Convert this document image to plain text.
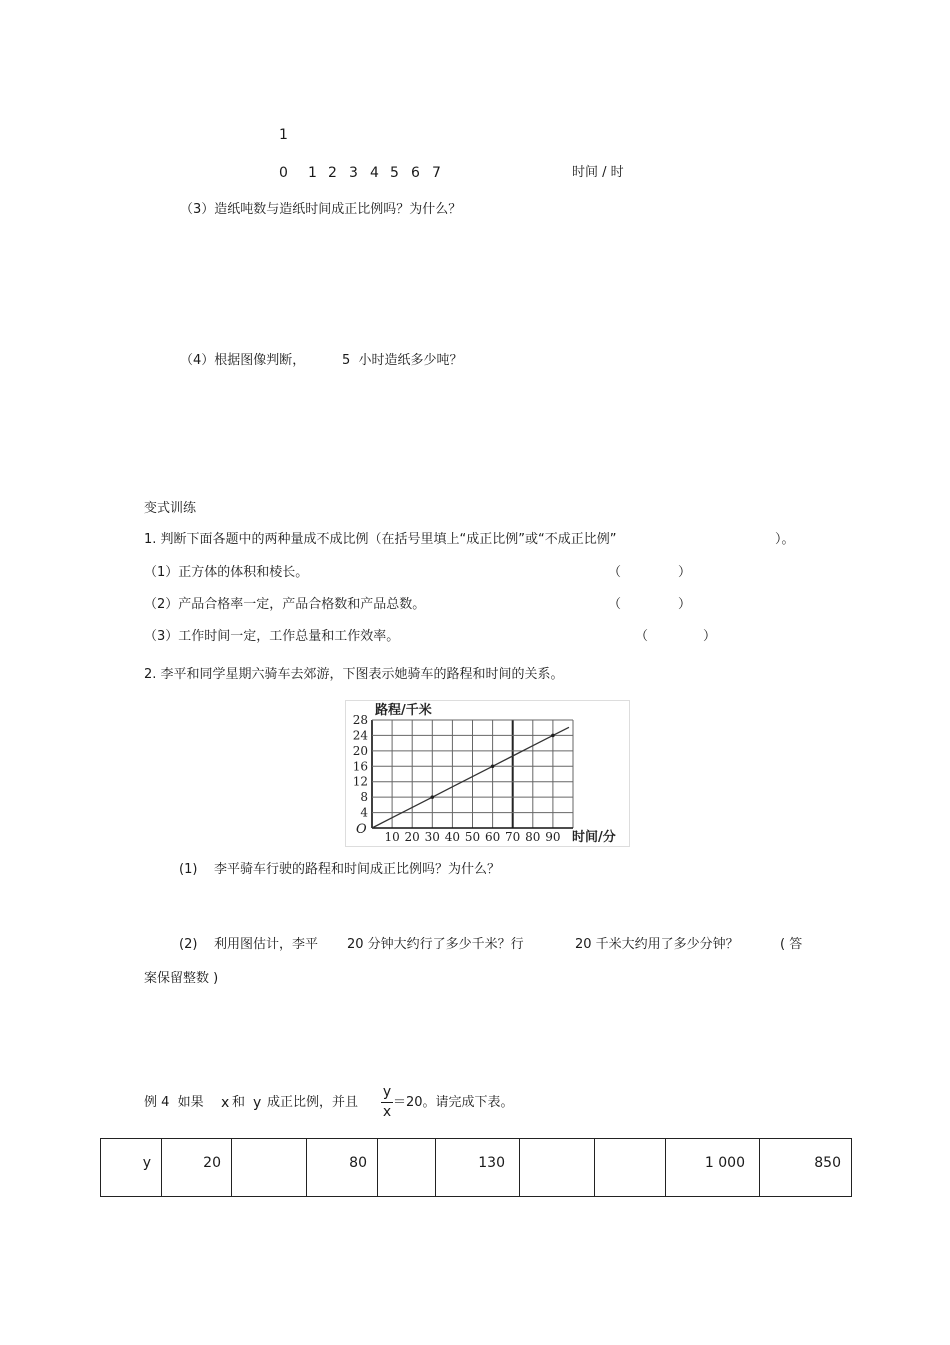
1
0 1 2 3 4 5 6 7	时间 / 时
（3）造纸吨数与造纸时间成正比例吗？为什么？
（4）根据图像判断，	5  小时造纸多少吨？
变式训练
1. 判断下面各题中的两种量成不成比例（在括号里填上“成正比例”或“不成正比例”	）。
（1）正方体的体积和棱长。	（	）
（2）产品合格率一定，产品合格数和产品总数。	（	）
（3）工作时间一定，工作总量和工作效率。	（	）
2. 李平和同学星期六骑车去郊游，下图表示她骑车的路程和时间的关系。
10 20 30 40 50 60 70 80 90
4
8
12
16
20
24
28
路程/千米
时间/分
O
(1)    李平骑车行驶的路程和时间成正比例吗？为什么？
(2)    利用图估计，李平 20 分钟大约行了多少千米？行	20 千米大约用了多少分钟？	( 答
案保留整数 )
例 4  如果 x 和 y 成正比例，并且
y
x
＝20。请完成下表。
y	20		80		130			1 000	850
